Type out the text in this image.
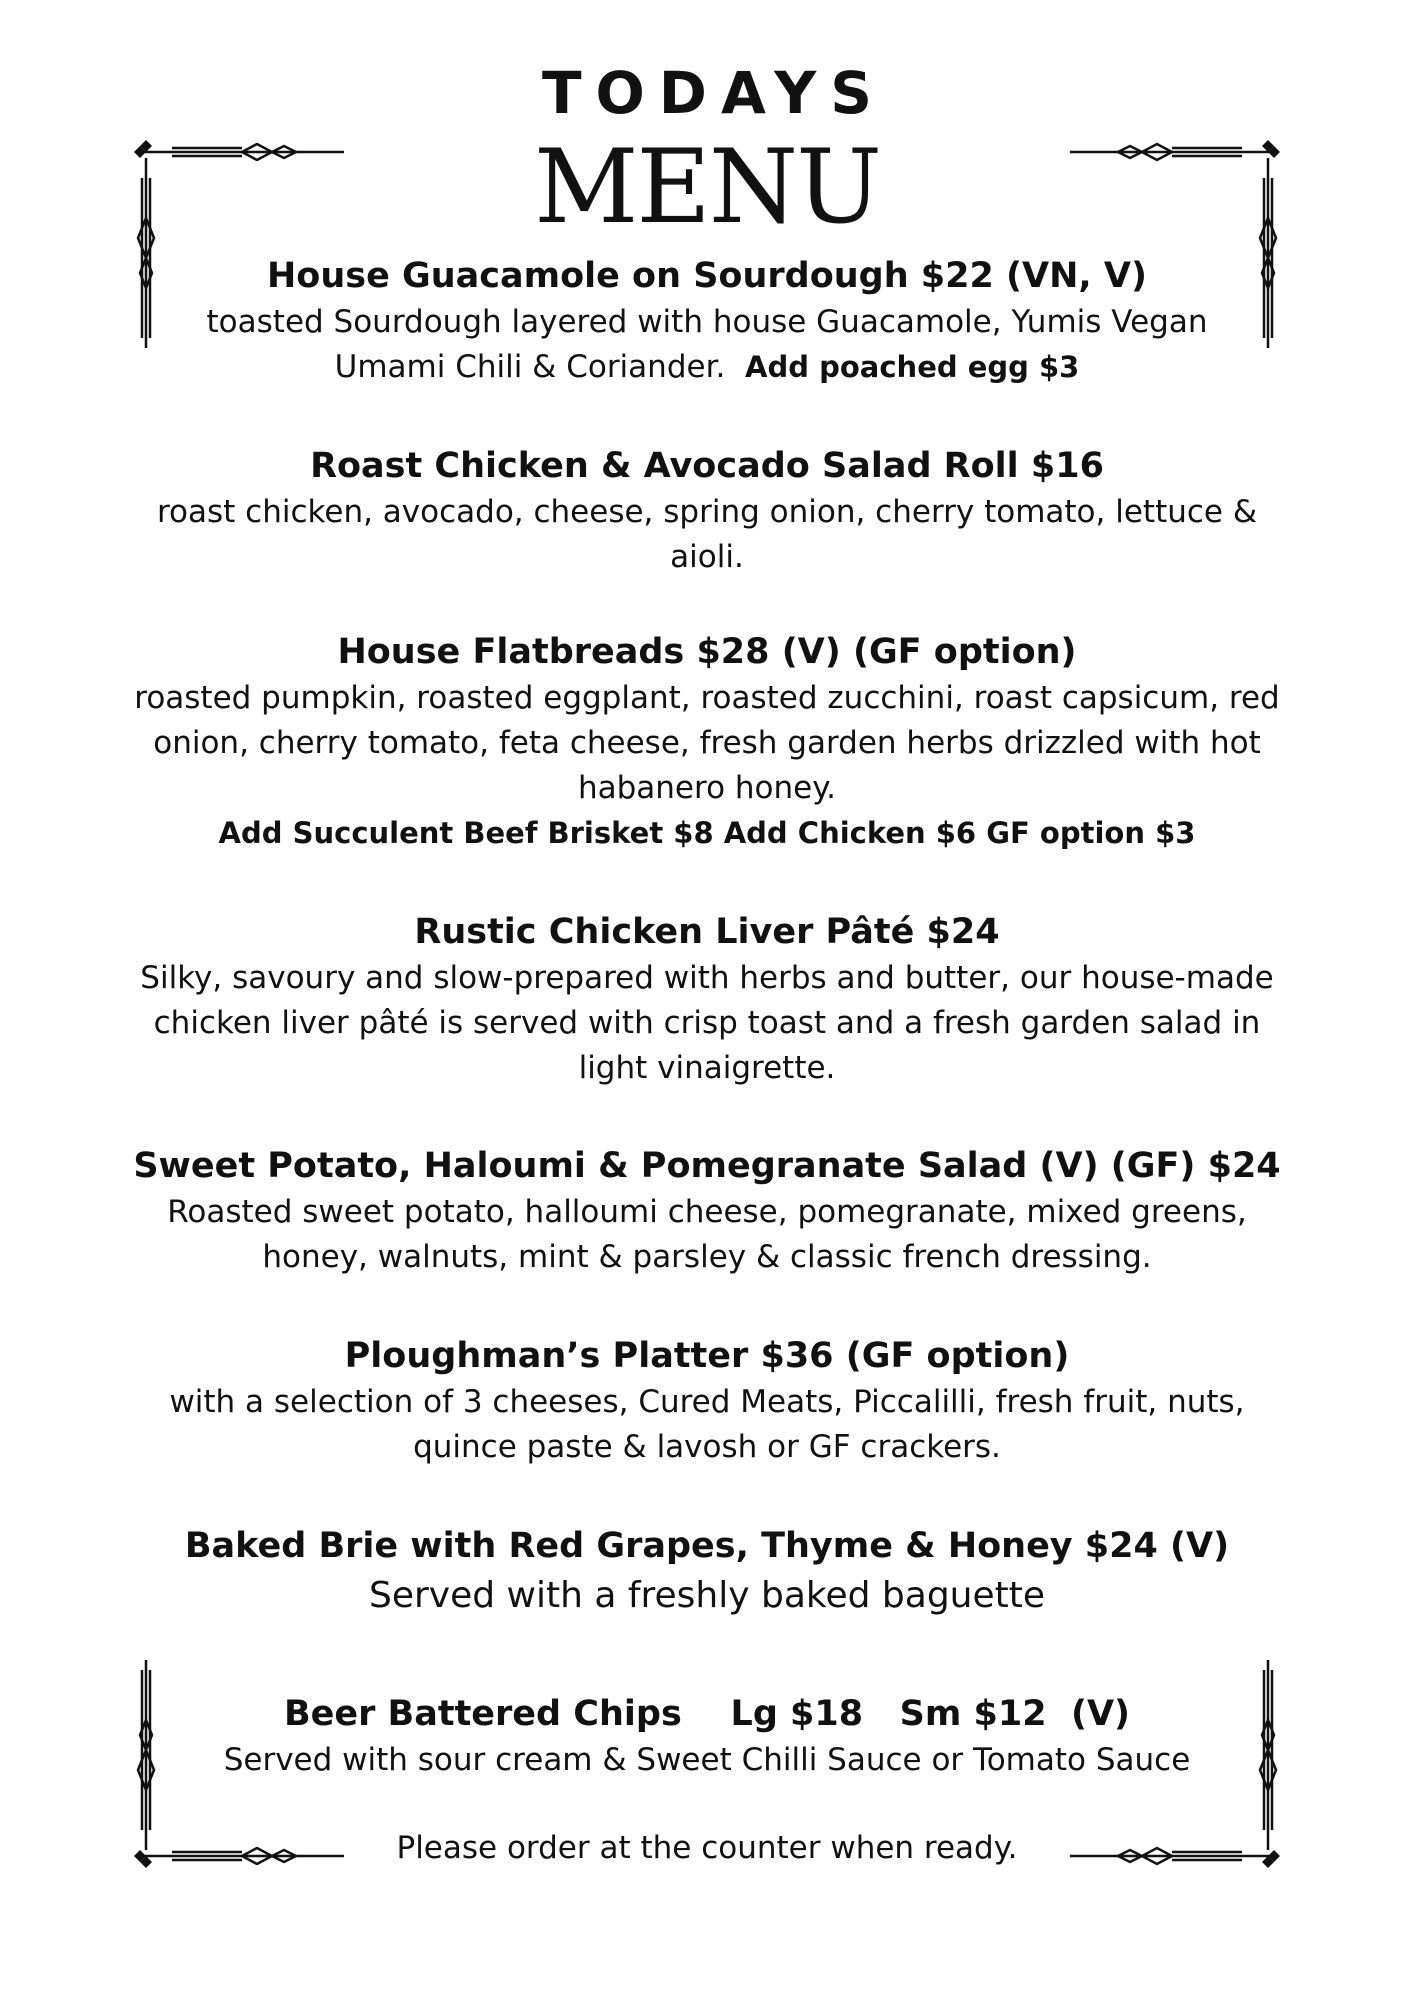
TODAYS
MENU
House Guacamole on Sourdough $22 (VN, V)
toasted Sourdough layered with house Guacamole, Yumis Vegan Umami Chili & Coriander. Add poached egg $3
Roast Chicken & Avocado Salad Roll $16
roast chicken, avocado, cheese, spring onion, cherry tomato, lettuce & aioli.
House Flatbreads $28 (V) (GF option)
roasted pumpkin, roasted eggplant, roasted zucchini, roast capsicum, red onion, cherry tomato, feta cheese, fresh garden herbs drizzled with hot habanero honey.
Add Succulent Beef Brisket $8 Add Chicken $6 GF option $3
Rustic Chicken Liver Pâté $24
Silky, savoury and slow-prepared with herbs and butter, our house-made chicken liver pâté is served with crisp toast and a fresh garden salad in light vinaigrette.
Sweet Potato, Haloumi & Pomegranate Salad (V) (GF) $24
Roasted sweet potato, halloumi cheese, pomegranate, mixed greens, honey, walnuts, mint & parsley & classic french dressing.
Ploughman’s Platter $36 (GF option)
with a selection of 3 cheeses, Cured Meats, Piccalilli, fresh fruit, nuts, quince paste & lavosh or GF crackers.
Baked Brie with Red Grapes, Thyme & Honey $24 (V)
Served with a freshly baked baguette
Beer Battered Chips    Lg $18   Sm $12  (V)
Served with sour cream & Sweet Chilli Sauce or Tomato Sauce
Please order at the counter when ready.
